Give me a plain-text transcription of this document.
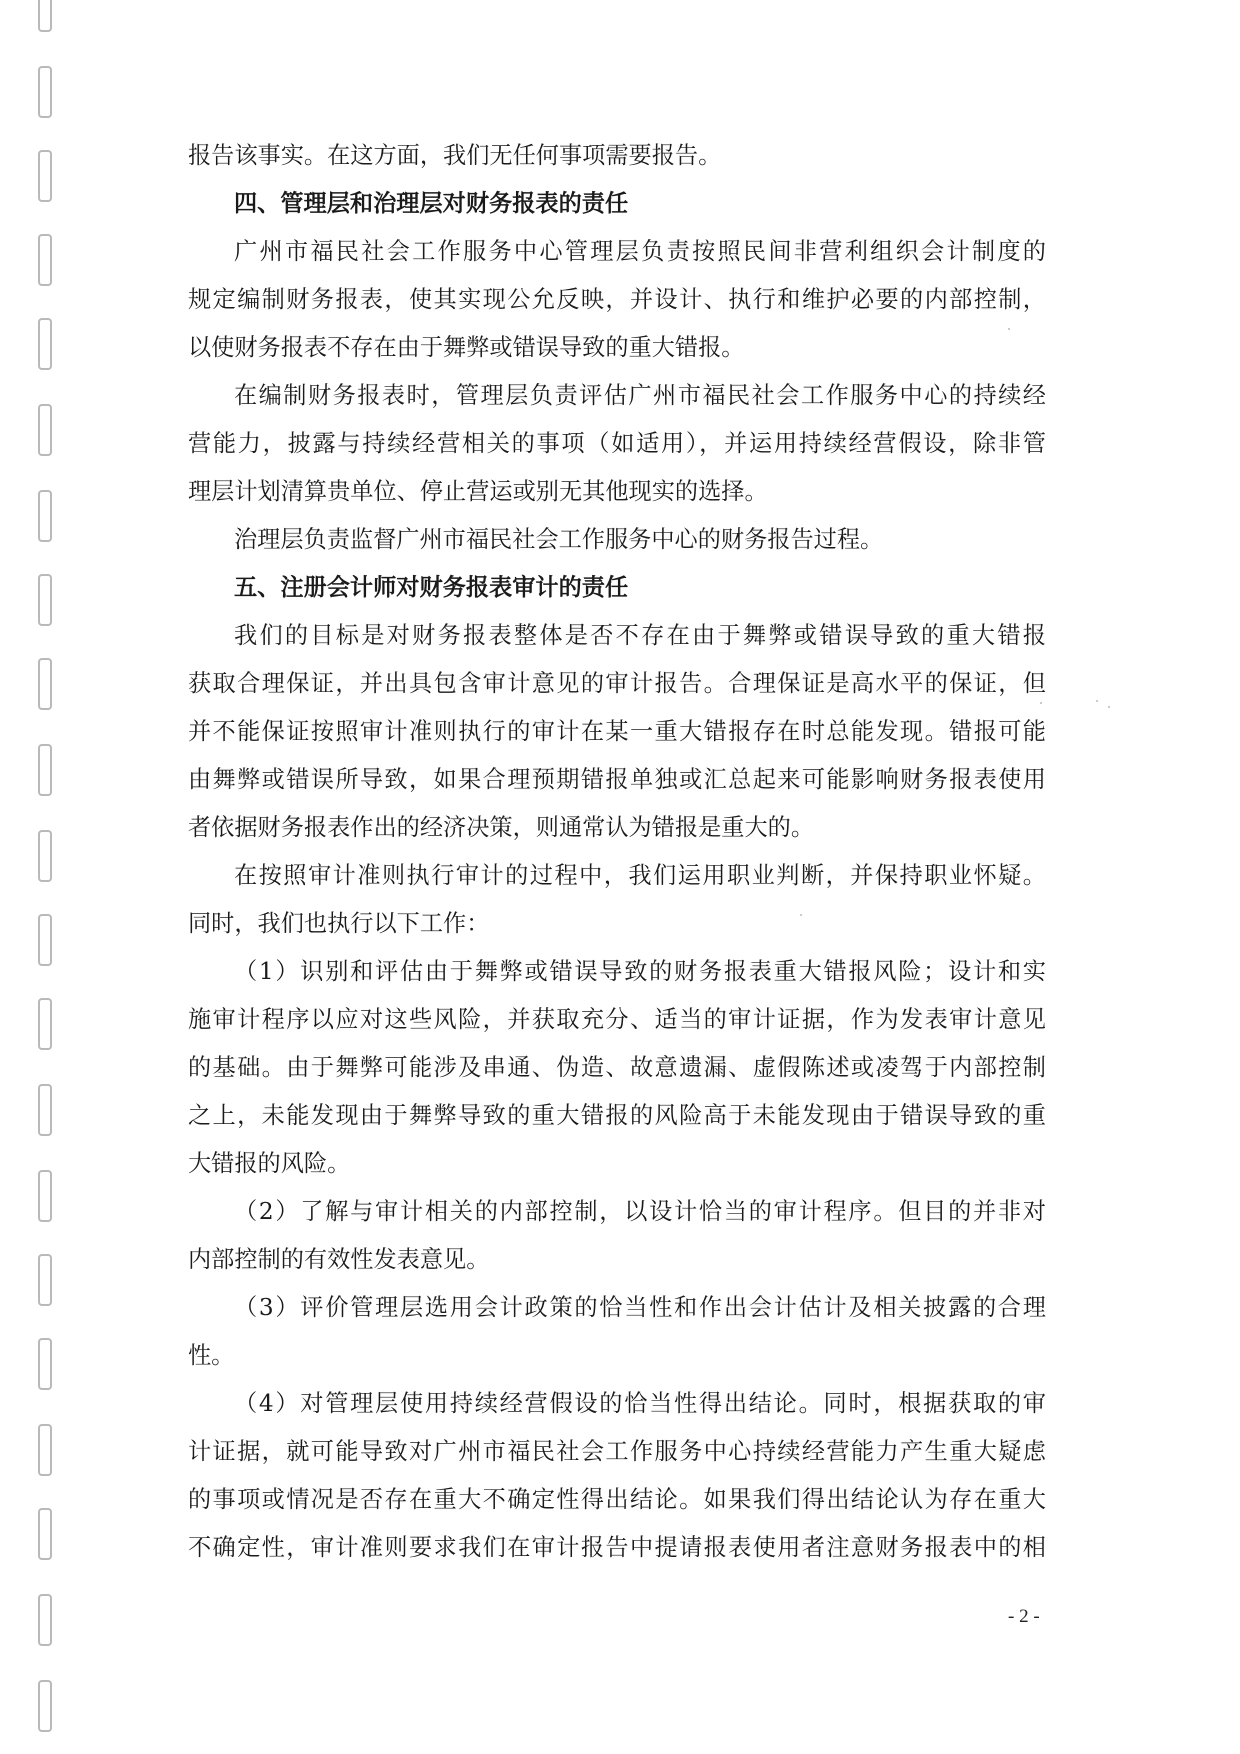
报告该事实。在这方面，我们无任何事项需要报告。
四、管理层和治理层对财务报表的责任
广州市福民社会工作服务中心管理层负责按照民间非营利组织会计制度的
规定编制财务报表，使其实现公允反映，并设计、执行和维护必要的内部控制，
以使财务报表不存在由于舞弊或错误导致的重大错报。
在编制财务报表时，管理层负责评估广州市福民社会工作服务中心的持续经
营能力，披露与持续经营相关的事项（如适用），并运用持续经营假设，除非管
理层计划清算贵单位、停止营运或别无其他现实的选择。
治理层负责监督广州市福民社会工作服务中心的财务报告过程。
五、注册会计师对财务报表审计的责任
我们的目标是对财务报表整体是否不存在由于舞弊或错误导致的重大错报
获取合理保证，并出具包含审计意见的审计报告。合理保证是高水平的保证，但
并不能保证按照审计准则执行的审计在某一重大错报存在时总能发现。错报可能
由舞弊或错误所导致，如果合理预期错报单独或汇总起来可能影响财务报表使用
者依据财务报表作出的经济决策，则通常认为错报是重大的。
在按照审计准则执行审计的过程中，我们运用职业判断，并保持职业怀疑。
同时，我们也执行以下工作：
（1）识别和评估由于舞弊或错误导致的财务报表重大错报风险；设计和实
施审计程序以应对这些风险，并获取充分、适当的审计证据，作为发表审计意见
的基础。由于舞弊可能涉及串通、伪造、故意遗漏、虚假陈述或凌驾于内部控制
之上，未能发现由于舞弊导致的重大错报的风险高于未能发现由于错误导致的重
大错报的风险。
（2）了解与审计相关的内部控制，以设计恰当的审计程序。但目的并非对
内部控制的有效性发表意见。
（3）评价管理层选用会计政策的恰当性和作出会计估计及相关披露的合理
性。
（4）对管理层使用持续经营假设的恰当性得出结论。同时，根据获取的审
计证据，就可能导致对广州市福民社会工作服务中心持续经营能力产生重大疑虑
的事项或情况是否存在重大不确定性得出结论。如果我们得出结论认为存在重大
不确定性，审计准则要求我们在审计报告中提请报表使用者注意财务报表中的相
- 2 -
